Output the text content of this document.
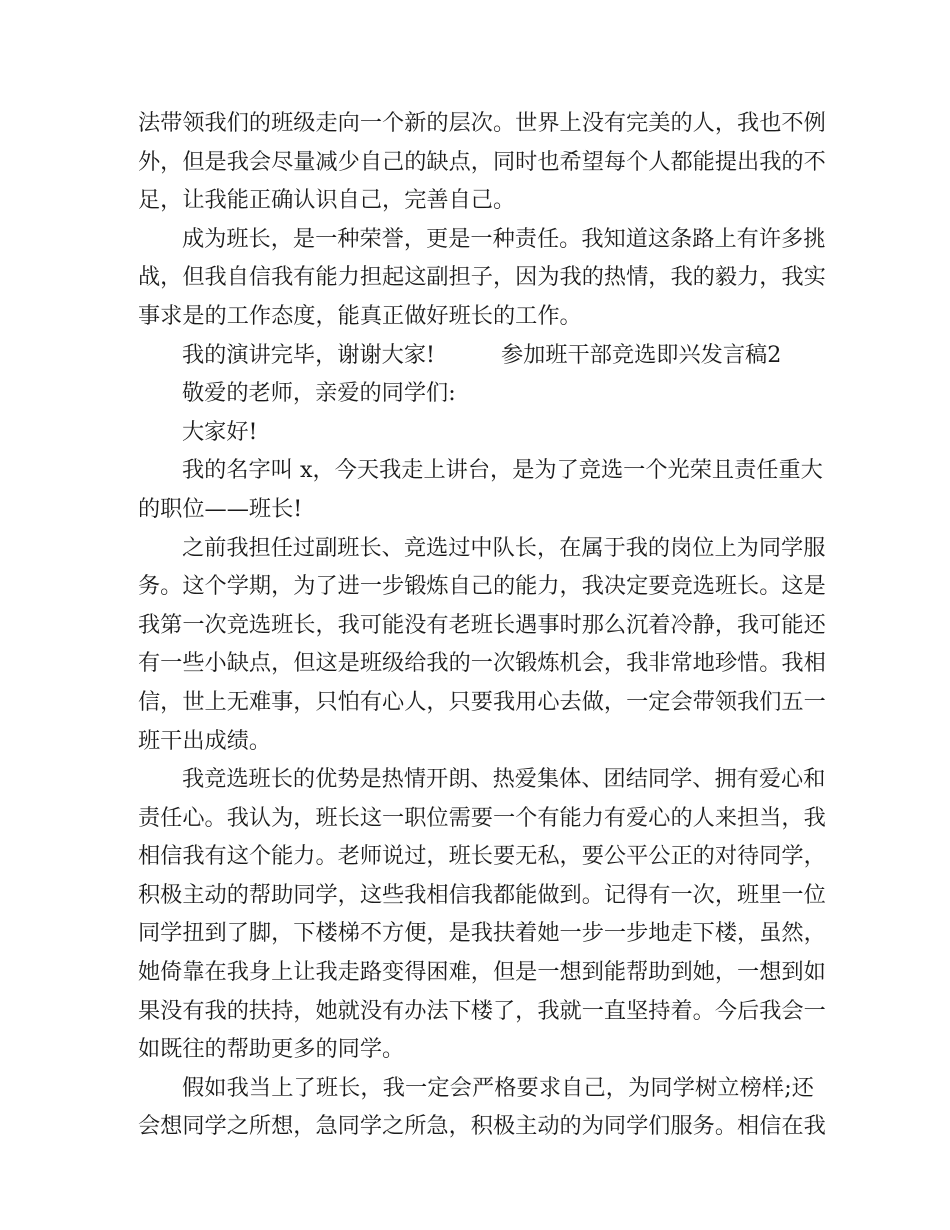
法带领我们的班级走向一个新的层次。世界上没有完美的人，我也不例
外，但是我会尽量减少自己的缺点，同时也希望每个人都能提出我的不
足，让我能正确认识自己，完善自己。
成为班长，是一种荣誉，更是一种责任。我知道这条路上有许多挑
战，但我自信我有能力担起这副担子，因为我的热情，我的毅力，我实
事求是的工作态度，能真正做好班长的工作。
我的演讲完毕，谢谢大家!	参加班干部竞选即兴发言稿2
敬爱的老师，亲爱的同学们:
大家好!
我的名字叫 x，今天我走上讲台，是为了竞选一个光荣且责任重大
的职位——班长!
之前我担任过副班长、竞选过中队长，在属于我的岗位上为同学服
务。这个学期，为了进一步锻炼自己的能力，我决定要竞选班长。这是
我第一次竞选班长，我可能没有老班长遇事时那么沉着冷静，我可能还
有一些小缺点，但这是班级给我的一次锻炼机会，我非常地珍惜。我相
信，世上无难事，只怕有心人，只要我用心去做，一定会带领我们五一
班干出成绩。
我竞选班长的优势是热情开朗、热爱集体、团结同学、拥有爱心和
责任心。我认为，班长这一职位需要一个有能力有爱心的人来担当，我
相信我有这个能力。老师说过，班长要无私，要公平公正的对待同学，
积极主动的帮助同学，这些我相信我都能做到。记得有一次，班里一位
同学扭到了脚，下楼梯不方便，是我扶着她一步一步地走下楼，虽然，
她倚靠在我身上让我走路变得困难，但是一想到能帮助到她，一想到如
果没有我的扶持，她就没有办法下楼了，我就一直坚持着。今后我会一
如既往的帮助更多的同学。
假如我当上了班长，我一定会严格要求自己，为同学树立榜样;还
会想同学之所想，急同学之所急，积极主动的为同学们服务。相信在我
